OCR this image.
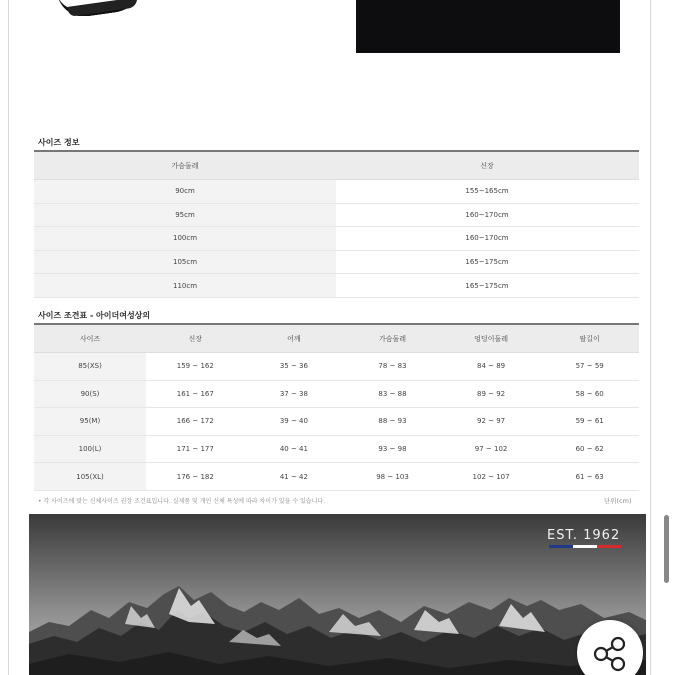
사이즈 정보
가슴둘레	신장
90cm	155~165cm
95cm	160~170cm
100cm	160~170cm
105cm	165~175cm
110cm	165~175cm
사이즈 조견표 - 아이더여성상의
사이즈	신장	어깨	가슴둘레	엉덩이둘레	팔길이
85(XS)	159 ~ 162	35 ~ 36	78 ~ 83	84 ~ 89	57 ~ 59
90(S)	161 ~ 167	37 ~ 38	83 ~ 88	89 ~ 92	58 ~ 60
95(M)	166 ~ 172	39 ~ 40	88 ~ 93	92 ~ 97	59 ~ 61
100(L)	171 ~ 177	40 ~ 41	93 ~ 98	97 ~ 102	60 ~ 62
105(XL)	176 ~ 182	41 ~ 42	98 ~ 103	102 ~ 107	61 ~ 63
• 각 사이즈에 맞는 신체사이즈 권장 조건표입니다. 실제품 및 개인 신체 특성에 따라 차이가 있을 수 있습니다.	단위(cm)
EST. 1962
